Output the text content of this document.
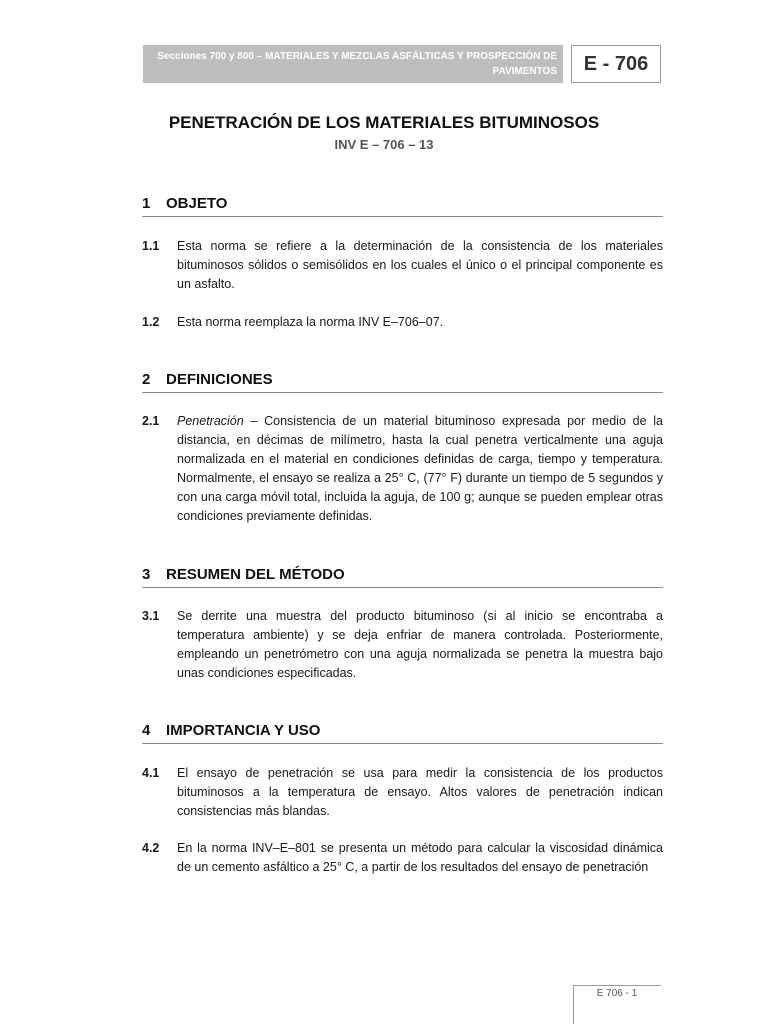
Secciones 700 y 800 – MATERIALES Y MEZCLAS ASFÁLTICAS Y PROSPECCIÓN DE PAVIMENTOS	E - 706
PENETRACIÓN DE LOS MATERIALES BITUMINOSOS
INV E – 706 – 13
1 OBJETO
1.1 Esta norma se refiere a la determinación de la consistencia de los materiales bituminosos sólidos o semisólidos en los cuales el único o el principal componente es un asfalto.
1.2 Esta norma reemplaza la norma INV E–706–07.
2 DEFINICIONES
2.1 Penetración – Consistencia de un material bituminoso expresada por medio de la distancia, en décimas de milímetro, hasta la cual penetra verticalmente una aguja normalizada en el material en condiciones definidas de carga, tiempo y temperatura. Normalmente, el ensayo se realiza a 25° C, (77° F) durante un tiempo de 5 segundos y con una carga móvil total, incluida la aguja, de 100 g; aunque se pueden emplear otras condiciones previamente definidas.
3 RESUMEN DEL MÉTODO
3.1 Se derrite una muestra del producto bituminoso (si al inicio se encontraba a temperatura ambiente) y se deja enfriar de manera controlada. Posteriormente, empleando un penetrómetro con una aguja normalizada se penetra la muestra bajo unas condiciones especificadas.
4 IMPORTANCIA Y USO
4.1 El ensayo de penetración se usa para medir la consistencia de los productos bituminosos a la temperatura de ensayo. Altos valores de penetración indican consistencias más blandas.
4.2 En la norma INV–E–801 se presenta un método para calcular la viscosidad dinámica de un cemento asfáltico a 25° C, a partir de los resultados del ensayo de penetración
E 706 - 1
